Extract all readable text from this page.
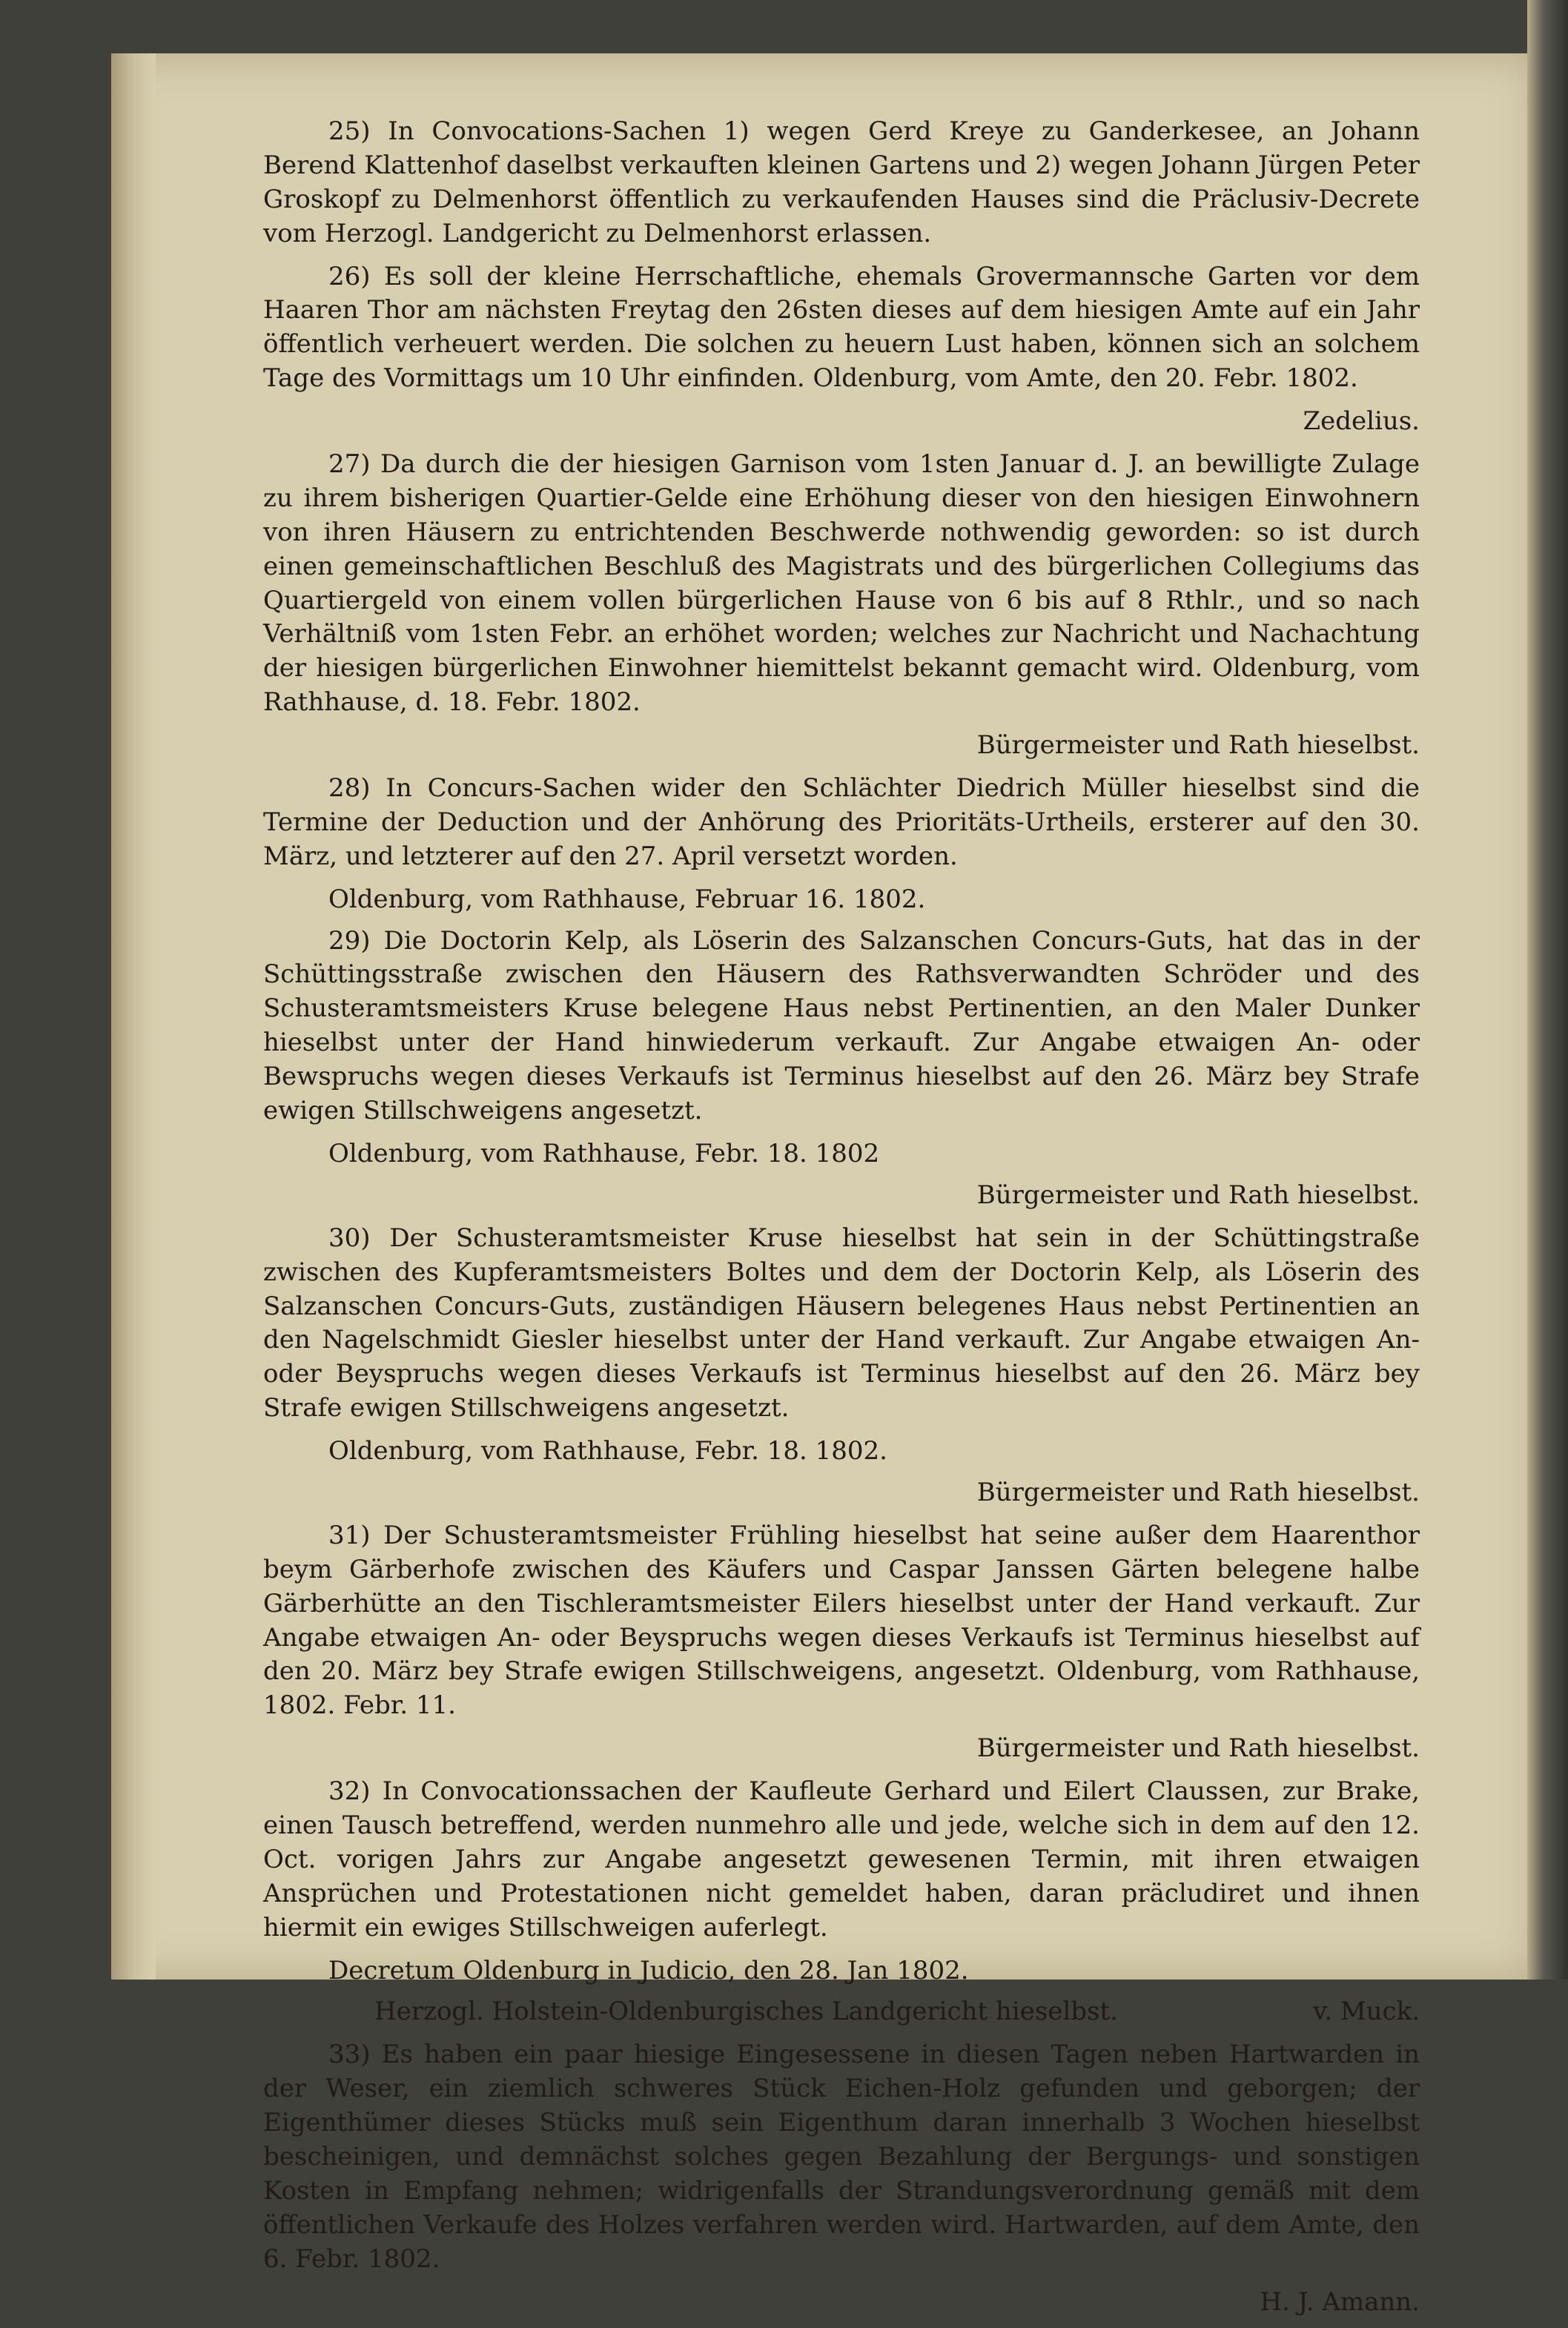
25) In Convocations-Sachen 1) wegen Gerd Kreye zu Ganderkesee, an Johann Berend Klattenhof daselbst verkauften kleinen Gartens und 2) wegen Johann Jürgen Peter Groskopf zu Delmenhorst öffentlich zu verkaufenden Hauses sind die Präclusiv-Decrete vom Herzogl. Landgericht zu Delmenhorst erlassen.

26) Es soll der kleine Herrschaftliche, ehemals Grovermannsche Garten vor dem Haaren Thor am nächsten Freytag den 26sten dieses auf dem hiesigen Amte auf ein Jahr öffentlich verheuert werden. Die solchen zu heuern Lust haben, können sich an solchem Tage des Vormittags um 10 Uhr einfinden. Oldenburg, vom Amte, den 20. Febr. 1802.

Zedelius.

27) Da durch die der hiesigen Garnison vom 1sten Januar d. J. an bewilligte Zulage zu ihrem bisherigen Quartier-Gelde eine Erhöhung dieser von den hiesigen Einwohnern von ihren Häusern zu entrichtenden Beschwerde nothwendig geworden: so ist durch einen gemeinschaftlichen Beschluß des Magistrats und des bürgerlichen Collegiums das Quartiergeld von einem vollen bürgerlichen Hause von 6 bis auf 8 Rthlr., und so nach Verhältniß vom 1sten Febr. an erhöhet worden; welches zur Nachricht und Nachachtung der hiesigen bürgerlichen Einwohner hiemittelst bekannt gemacht wird. Oldenburg, vom Rathhause, d. 18. Febr. 1802.

Bürgermeister und Rath hieselbst.

28) In Concurs-Sachen wider den Schlächter Diedrich Müller hieselbst sind die Termine der Deduction und der Anhörung des Prioritäts-Urtheils, ersterer auf den 30. März, und letzterer auf den 27. April versetzt worden.

Oldenburg, vom Rathhause, Februar 16. 1802.

29) Die Doctorin Kelp, als Löserin des Salzanschen Concurs-Guts, hat das in der Schüttingsstraße zwischen den Häusern des Rathsverwandten Schröder und des Schusteramtsmeisters Kruse belegene Haus nebst Pertinentien, an den Maler Dunker hieselbst unter der Hand hinwiederum verkauft. Zur Angabe etwaigen An- oder Bewspruchs wegen dieses Verkaufs ist Terminus hieselbst auf den 26. März bey Strafe ewigen Stillschweigens angesetzt.

Oldenburg, vom Rathhause, Febr. 18. 1802

Bürgermeister und Rath hieselbst.

30) Der Schusteramtsmeister Kruse hieselbst hat sein in der Schüttingstraße zwischen des Kupferamtsmeisters Boltes und dem der Doctorin Kelp, als Löserin des Salzanschen Concurs-Guts, zuständigen Häusern belegenes Haus nebst Pertinentien an den Nagelschmidt Giesler hieselbst unter der Hand verkauft. Zur Angabe etwaigen An- oder Beyspruchs wegen dieses Verkaufs ist Terminus hieselbst auf den 26. März bey Strafe ewigen Stillschweigens angesetzt.

Oldenburg, vom Rathhause, Febr. 18. 1802.

Bürgermeister und Rath hieselbst.

31) Der Schusteramtsmeister Frühling hieselbst hat seine außer dem Haarenthor beym Gärberhofe zwischen des Käufers und Caspar Janssen Gärten belegene halbe Gärberhütte an den Tischleramtsmeister Eilers hieselbst unter der Hand verkauft. Zur Angabe etwaigen An- oder Beyspruchs wegen dieses Verkaufs ist Terminus hieselbst auf den 20. März bey Strafe ewigen Stillschweigens, angesetzt. Oldenburg, vom Rathhause, 1802. Febr. 11.

Bürgermeister und Rath hieselbst.

32) In Convocationssachen der Kaufleute Gerhard und Eilert Claussen, zur Brake, einen Tausch betreffend, werden nunmehro alle und jede, welche sich in dem auf den 12. Oct. vorigen Jahrs zur Angabe angesetzt gewesenen Termin, mit ihren etwaigen Ansprüchen und Protestationen nicht gemeldet haben, daran präcludiret und ihnen hiermit ein ewiges Stillschweigen auferlegt.

Decretum Oldenburg in Judicio, den 28. Jan 1802.

Herzogl. Holstein-Oldenburgisches Landgericht hieselbst.	v. Muck.

33) Es haben ein paar hiesige Eingesessene in diesen Tagen neben Hartwarden in der Weser, ein ziemlich schweres Stück Eichen-Holz gefunden und geborgen; der Eigenthümer dieses Stücks muß sein Eigenthum daran innerhalb 3 Wochen hieselbst bescheinigen, und demnächst solches gegen Bezahlung der Bergungs- und sonstigen Kosten in Empfang nehmen; widrigenfalls der Strandungsverordnung gemäß mit dem öffentlichen Verkaufe des Holzes verfahren werden wird. Hartwarden, auf dem Amte, den 6. Febr. 1802.

H. J. Amann.
